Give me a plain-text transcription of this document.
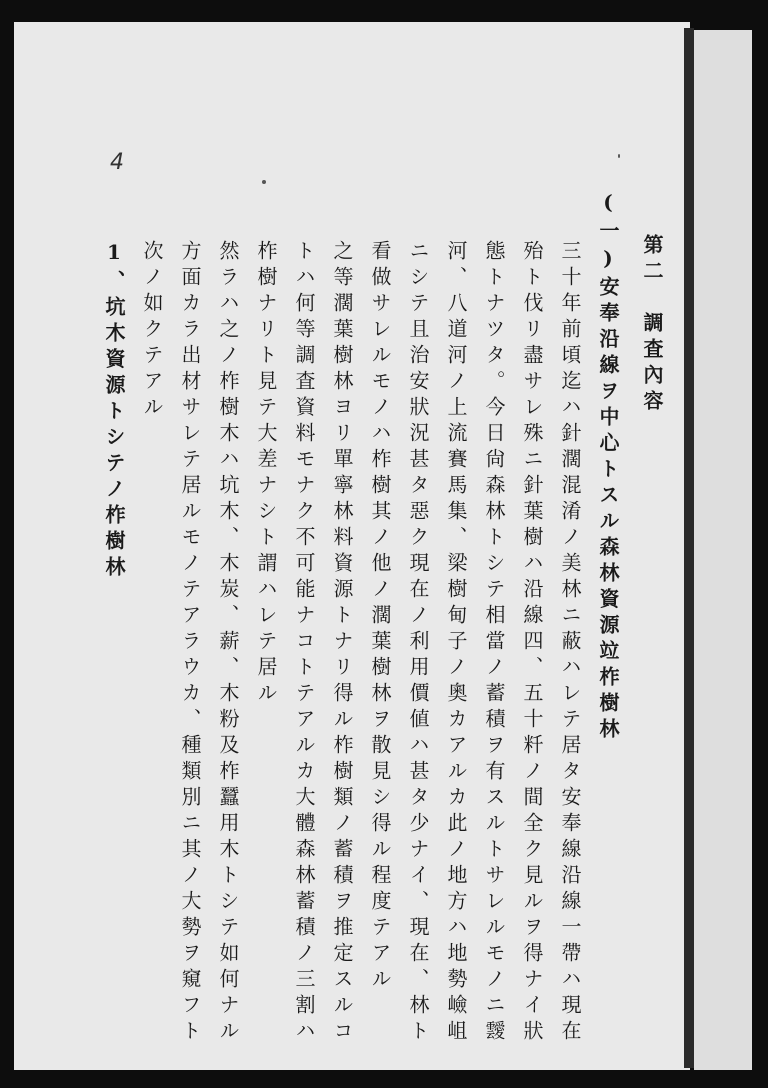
4
第二　調査內容
(一)安奉沿線ヲ中心トスル森林資源竝柞樹林
三十年前頃迄ハ針濶混淆ノ美林ニ蔽ハレテ居タ安奉線沿線一帶ハ現在
殆ト伐リ盡サレ殊ニ針葉樹ハ沿線四、五十粁ノ間全ク見ルヲ得ナイ狀
態トナツタ。今日尙森林トシテ相當ノ蓄積ヲ有スルトサレルモノニ靉
河、八道河ノ上流賽馬集、梁樹甸子ノ奧カアルカ此ノ地方ハ地勢嶮岨
ニシテ且治安狀況甚タ惡ク現在ノ利用價値ハ甚タ少ナイ、現在、林ト
看做サレルモノハ柞樹其ノ他ノ濶葉樹林ヲ散見シ得ル程度テアル
之等濶葉樹林ヨリ單寧林料資源トナリ得ル柞樹類ノ蓄積ヲ推定スルコ
トハ何等調査資料モナク不可能ナコトテアルカ大體森林蓄積ノ三割ハ
柞樹ナリト見テ大差ナシト謂ハレテ居ル
然ラハ之ノ柞樹木ハ坑木、木炭、薪、木粉及柞蠶用木トシテ如何ナル
方面カラ出材サレテ居ルモノテアラウカ、種類別ニ其ノ大勢ヲ窺フト
次ノ如クテアル
1、坑木資源トシテノ柞樹林
